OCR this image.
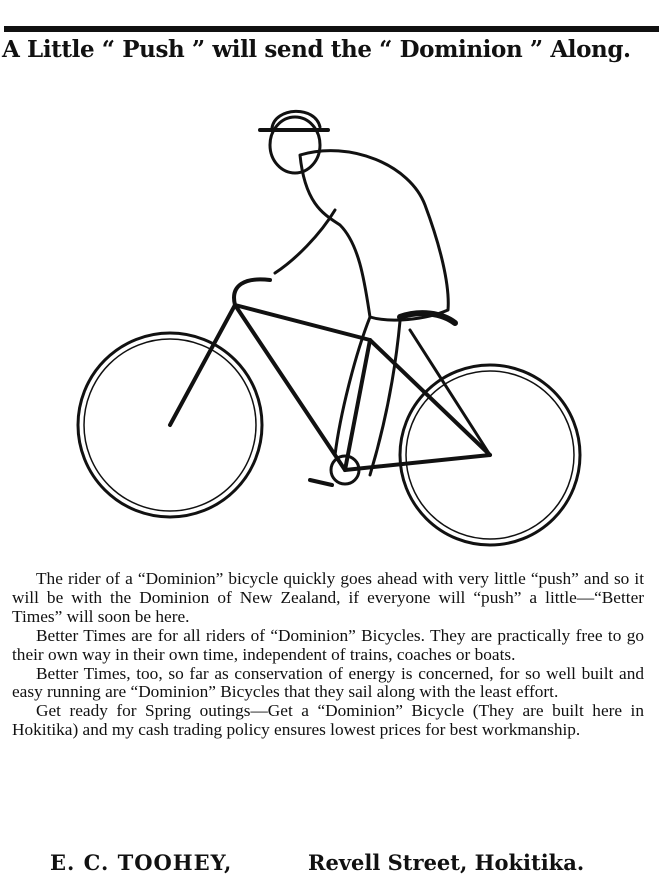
A Little “ Push ” will send the “ Dominion ” Along.

The rider of a “Dominion” bicycle quickly goes ahead with very little “push” and so it will be with the Dominion of New Zealand, if everyone will “push” a little—“Better Times” will soon be here.

Better Times are for all riders of “Dominion” Bicycles. They are practically free to go their own way in their own time, independent of trains, coaches or boats.

Better Times, too, so far as conservation of energy is concerned, for so well built and easy running are “Dominion” Bicycles that they sail along with the least effort.

Get ready for Spring outings—Get a “Dominion” Bicycle (They are built here in Hokitika) and my cash trading policy ensures lowest prices for best workmanship.

E. C. TOOHEY,	Revell Street, Hokitika.
